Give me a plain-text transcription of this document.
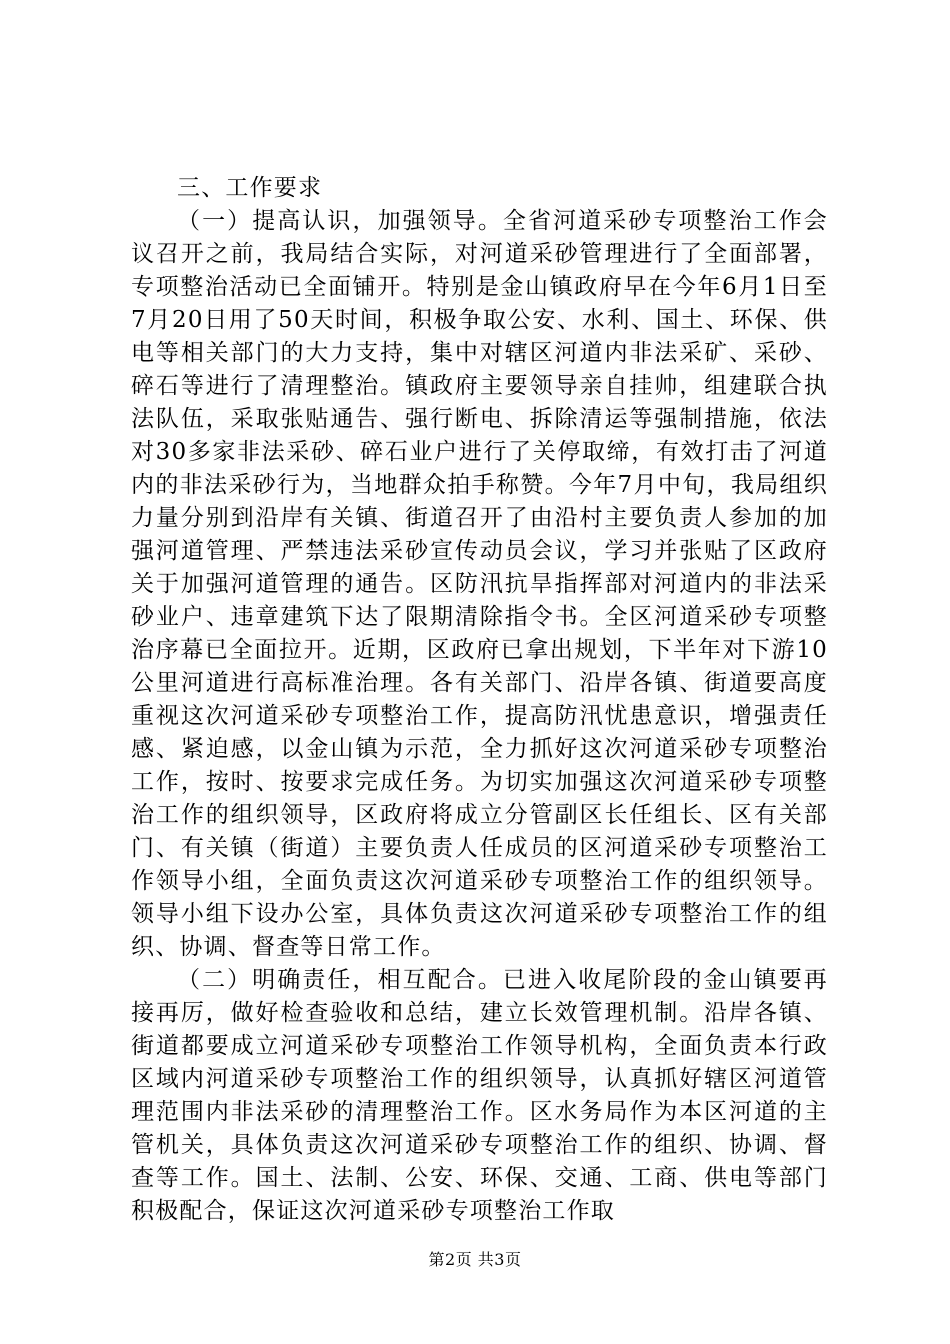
三、工作要求

（一）提高认识，加强领导。全省河道采砂专项整治工作会议召开之前，我局结合实际，对河道采砂管理进行了全面部署，专项整治活动已全面铺开。特别是金山镇政府早在今年6月1日至7月20日用了50天时间，积极争取公安、水利、国土、环保、供电等相关部门的大力支持，集中对辖区河道内非法采矿、采砂、碎石等进行了清理整治。镇政府主要领导亲自挂帅，组建联合执法队伍，采取张贴通告、强行断电、拆除清运等强制措施，依法对30多家非法采砂、碎石业户进行了关停取缔，有效打击了河道内的非法采砂行为，当地群众拍手称赞。今年7月中旬，我局组织力量分别到沿岸有关镇、街道召开了由沿村主要负责人参加的加强河道管理、严禁违法采砂宣传动员会议，学习并张贴了区政府关于加强河道管理的通告。区防汛抗旱指挥部对河道内的非法采砂业户、违章建筑下达了限期清除指令书。全区河道采砂专项整治序幕已全面拉开。近期，区政府已拿出规划，下半年对下游10公里河道进行高标准治理。各有关部门、沿岸各镇、街道要高度重视这次河道采砂专项整治工作，提高防汛忧患意识，增强责任感、紧迫感，以金山镇为示范，全力抓好这次河道采砂专项整治工作，按时、按要求完成任务。为切实加强这次河道采砂专项整治工作的组织领导，区政府将成立分管副区长任组长、区有关部门、有关镇（街道）主要负责人任成员的区河道采砂专项整治工作领导小组，全面负责这次河道采砂专项整治工作的组织领导。领导小组下设办公室，具体负责这次河道采砂专项整治工作的组织、协调、督查等日常工作。

（二）明确责任，相互配合。已进入收尾阶段的金山镇要再接再厉，做好检查验收和总结，建立长效管理机制。沿岸各镇、街道都要成立河道采砂专项整治工作领导机构，全面负责本行政区域内河道采砂专项整治工作的组织领导，认真抓好辖区河道管理范围内非法采砂的清理整治工作。区水务局作为本区河道的主管机关，具体负责这次河道采砂专项整治工作的组织、协调、督查等工作。国土、法制、公安、环保、交通、工商、供电等部门积极配合，保证这次河道采砂专项整治工作取

第2页 共3页
